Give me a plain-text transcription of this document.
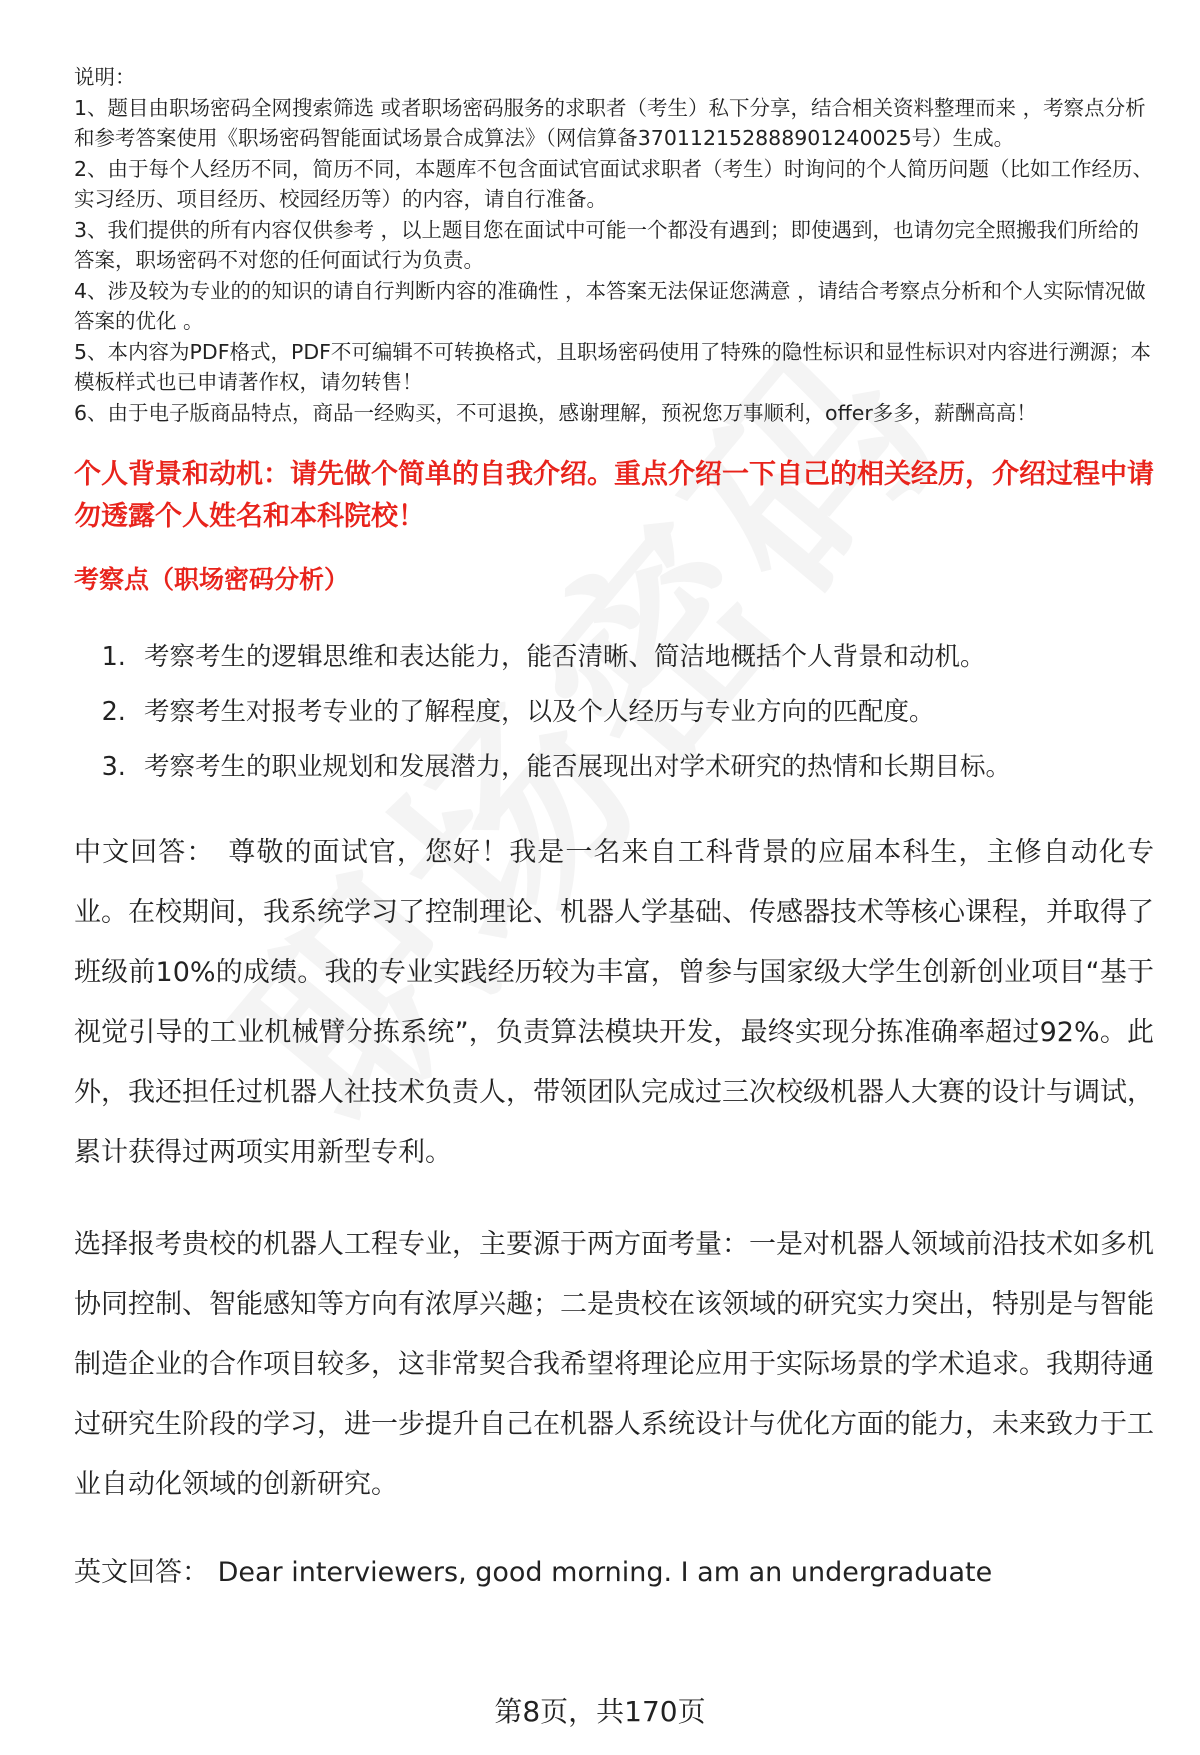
说明：

1、题目由职场密码全网搜索筛选 或者职场密码服务的求职者（考生）私下分享，结合相关资料整理而来 ，考察点分析和参考答案使用《职场密码智能面试场景合成算法》（网信算备370112152888901240025号）生成。

2、由于每个人经历不同，简历不同，本题库不包含面试官面试求职者（考生）时询问的个人简历问题（比如工作经历、实习经历、项目经历、校园经历等）的内容，请自行准备。

3、我们提供的所有内容仅供参考 ，以上题目您在面试中可能一个都没有遇到；即使遇到，也请勿完全照搬我们所给的答案，职场密码不对您的任何面试行为负责。

4、涉及较为专业的的知识的请自行判断内容的准确性 ，本答案无法保证您满意 ，请结合考察点分析和个人实际情况做答案的优化 。

5、本内容为PDF格式，PDF不可编辑不可转换格式，且职场密码使用了特殊的隐性标识和显性标识对内容进行溯源；本模板样式也已申请著作权，请勿转售！

6、由于电子版商品特点，商品一经购买，不可退换，感谢理解，预祝您万事顺利，offer多多，薪酬高高！

个人背景和动机：请先做个简单的自我介绍。重点介绍一下自己的相关经历，介绍过程中请勿透露个人姓名和本科院校！
考察点（职场密码分析）
1. 考察考生的逻辑思维和表达能力，能否清晰、简洁地概括个人背景和动机。
2. 考察考生对报考专业的了解程度，以及个人经历与专业方向的匹配度。
3. 考察考生的职业规划和发展潜力，能否展现出对学术研究的热情和长期目标。
中文回答： 尊敬的面试官，您好！我是一名来自工科背景的应届本科生，主修自动化专业。在校期间，我系统学习了控制理论、机器人学基础、传感器技术等核心课程，并取得了班级前10%的成绩。我的专业实践经历较为丰富，曾参与国家级大学生创新创业项目“基于视觉引导的工业机械臂分拣系统”，负责算法模块开发，最终实现分拣准确率超过92%。此外，我还担任过机器人社技术负责人，带领团队完成过三次校级机器人大赛的设计与调试，累计获得过两项实用新型专利。
选择报考贵校的机器人工程专业，主要源于两方面考量：一是对机器人领域前沿技术如多机协同控制、智能感知等方向有浓厚兴趣；二是贵校在该领域的研究实力突出，特别是与智能制造企业的合作项目较多，这非常契合我希望将理论应用于实际场景的学术追求。我期待通过研究生阶段的学习，进一步提升自己在机器人系统设计与优化方面的能力，未来致力于工业自动化领域的创新研究。
英文回答： Dear interviewers, good morning. I am an undergraduate
第8页，共170页
